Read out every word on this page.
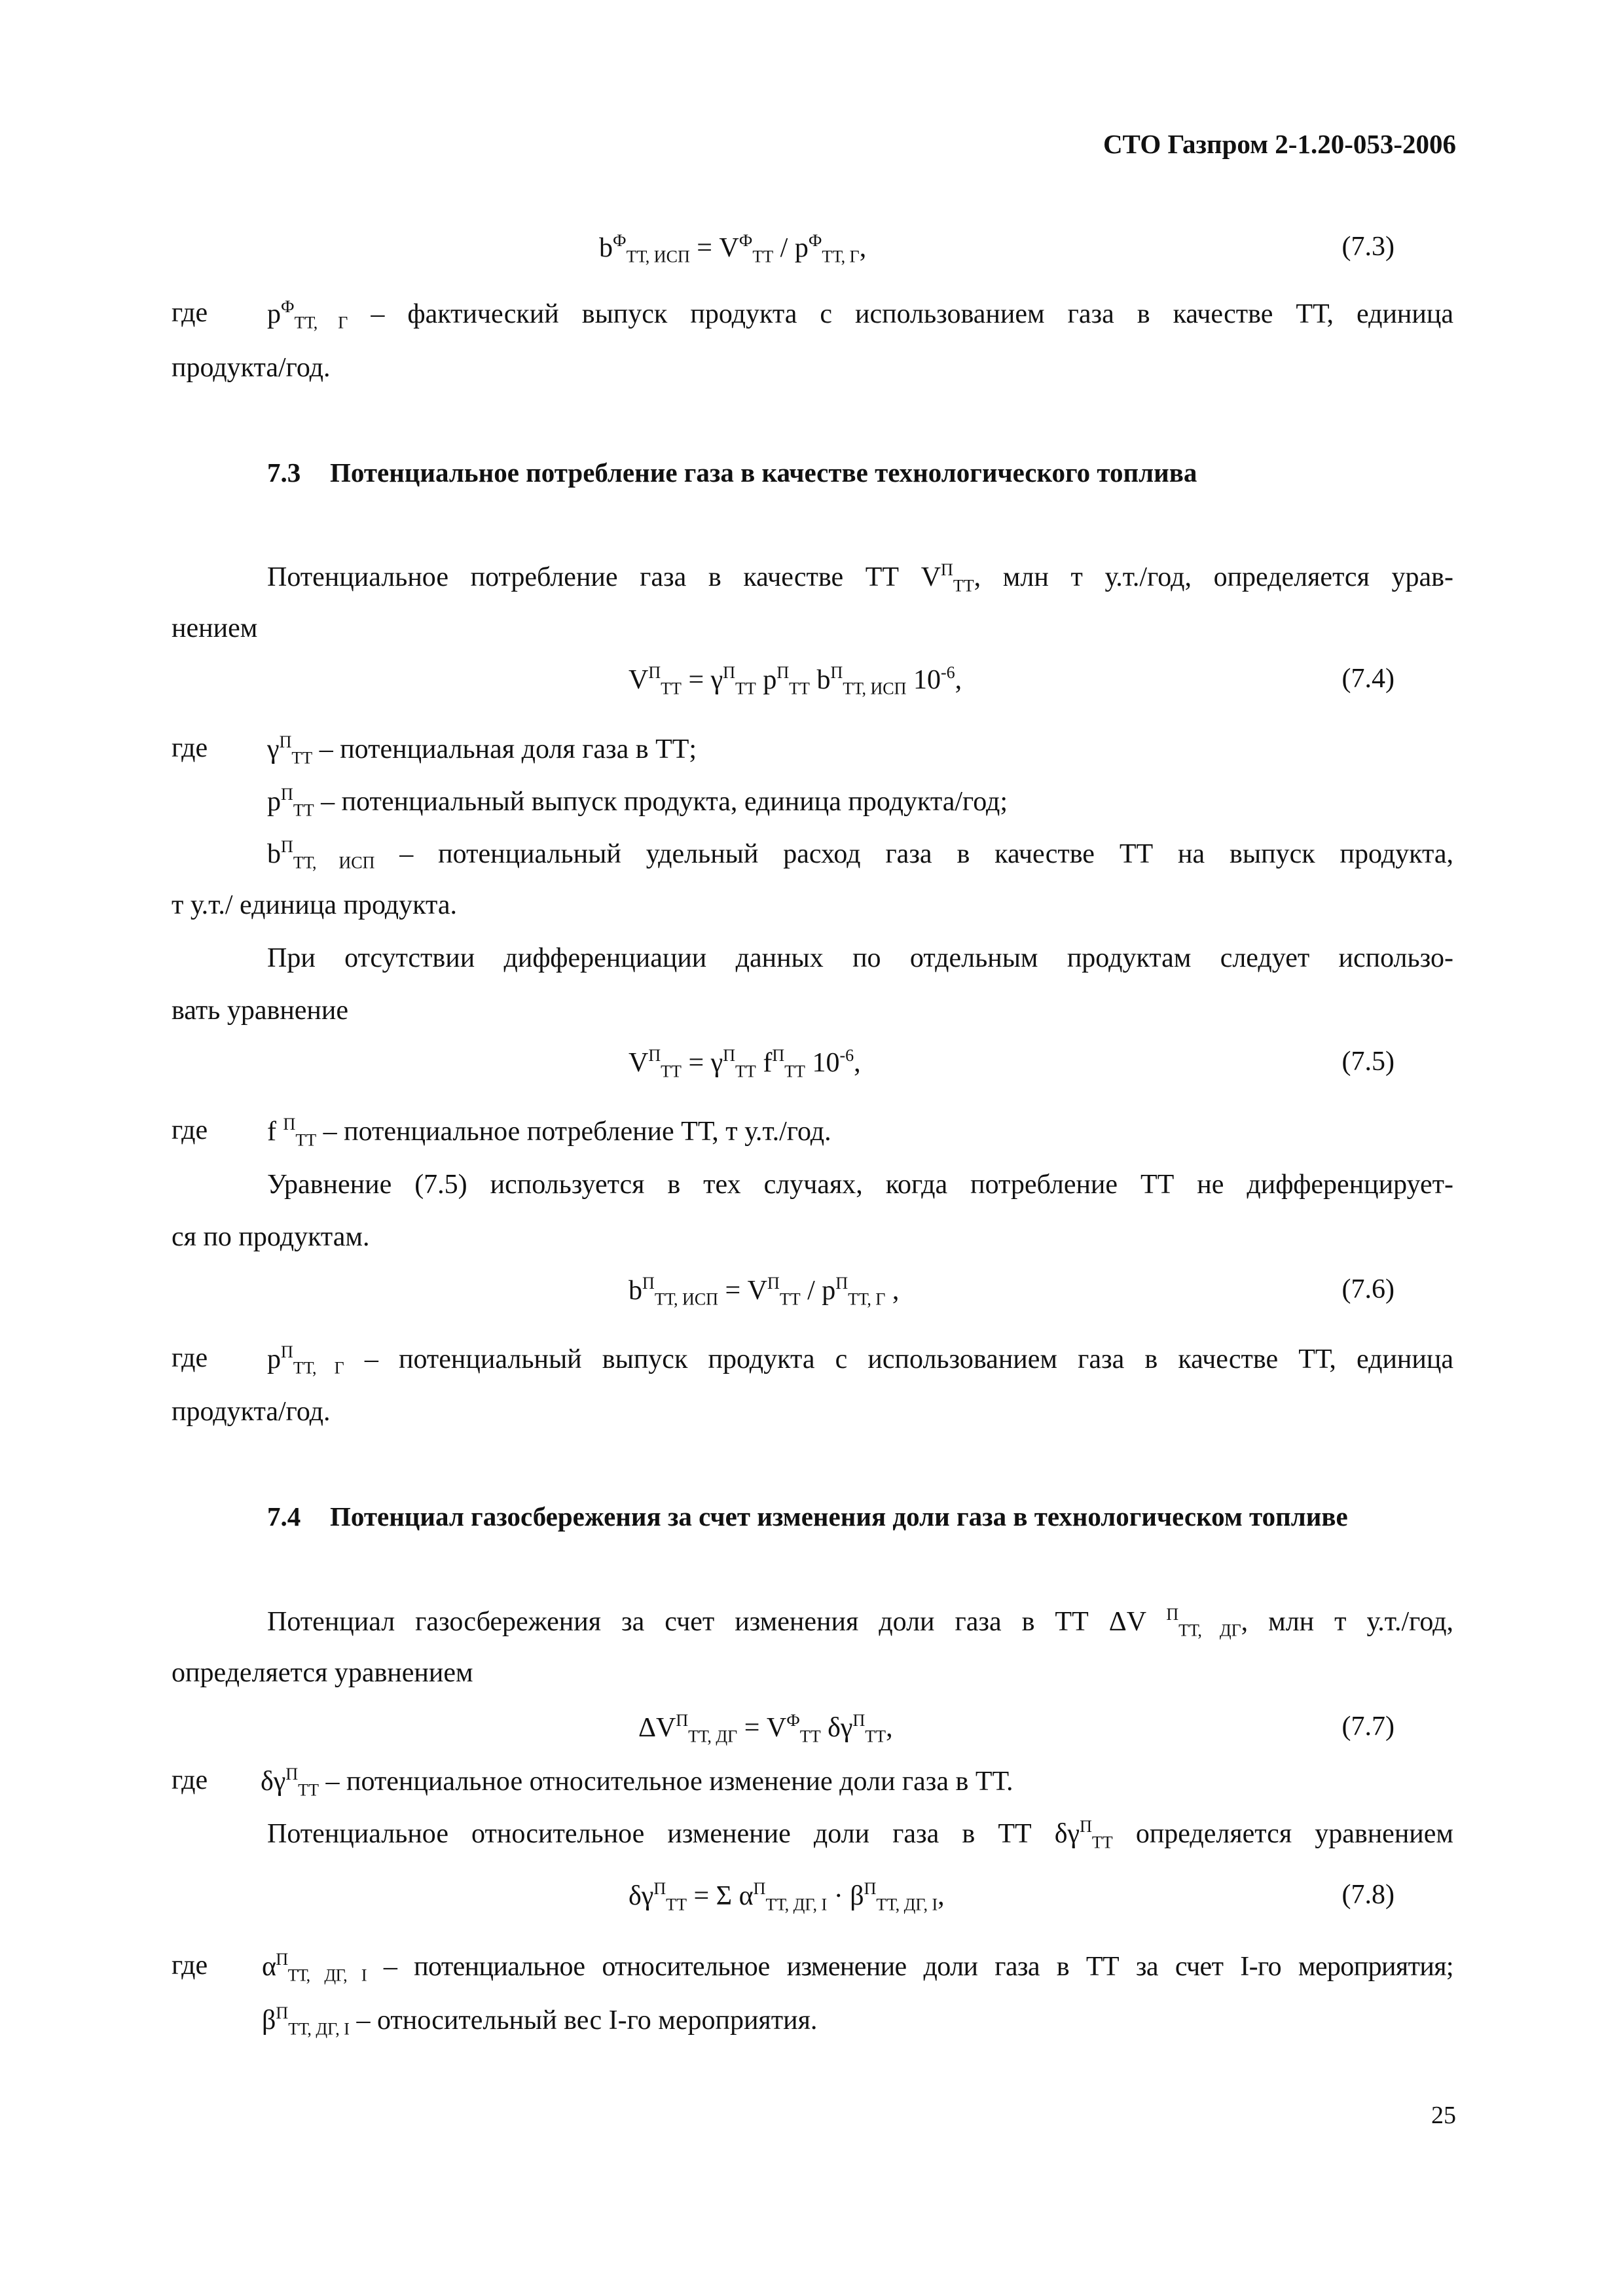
СТО Газпром 2-1.20-053-2006
$b^Ф_{ТТ, ИСП} = V^Ф_{ТТ} / p^Ф_{ТТ, Г}$,	(7.3)
где $p^Ф_{ТТ, Г}$ – фактический выпуск продукта с использованием газа в качестве ТТ, единица
продукта/год.
7.3 Потенциальное потребление газа в качестве технологического топлива
Потенциальное потребление газа в качестве ТТ $V^П_{ТТ}$, млн т у.т./год, определяется урав-
нением
$V^П_{ТТ} = \gamma^П_{ТТ}$ $p^П_{ТТ}$ $b^П_{ТТ, ИСП}$ $10^{-6}$,	(7.4)
где $\gamma^П_{ТТ}$ – потенциальная доля газа в ТТ;
$p^П_{ТТ}$ – потенциальный выпуск продукта, единица продукта/год;
$b^П_{ТТ, ИСП}$ – потенциальный удельный расход газа в качестве ТТ на выпуск продукта,
т у.т./ единица продукта.
При отсутствии дифференциации данных по отдельным продуктам следует использо-
вать уравнение
$V^П_{ТТ} = \gamma^П_{ТТ}$ $f^П_{ТТ}$ $10^{-6}$,	(7.5)
где f $^П_{ТТ}$ – потенциальное потребление ТТ, т у.т./год.
Уравнение (7.5) используется в тех случаях, когда потребление ТТ не дифференцирует-
ся по продуктам.
$b^П_{ТТ, ИСП} = V^П_{ТТ} / p^П_{ТТ, Г}$ ,	(7.6)
где $p^П_{ТТ, Г}$ – потенциальный выпуск продукта с использованием газа в качестве ТТ, единица
продукта/год.
7.4 Потенциал газосбережения за счет изменения доли газа в технологическом топливе
Потенциал газосбережения за счет изменения доли газа в ТТ ΔV $^П_{ТТ, ДГ}$, млн т у.т./год,
определяется уравнением
$\Delta V^П_{ТТ, ДГ} = V^Ф_{ТТ}$ $\delta\gamma^П_{ТТ}$,	(7.7)
где $\delta\gamma^П_{ТТ}$ – потенциальное относительное изменение доли газа в ТТ.
Потенциальное относительное изменение доли газа в ТТ $\delta\gamma^П_{ТТ}$ определяется уравнением
$\delta\gamma^П_{ТТ} = \Sigma$ $\alpha^П_{ТТ, ДГ, I} \cdot \beta^П_{ТТ, ДГ, I}$,	(7.8)
где $\alpha^П_{ТТ, ДГ, I}$ – потенциальное относительное изменение доли газа в ТТ за счет I-го мероприятия;
$\beta^П_{ТТ, ДГ, I}$ – относительный вес I-го мероприятия.
25
